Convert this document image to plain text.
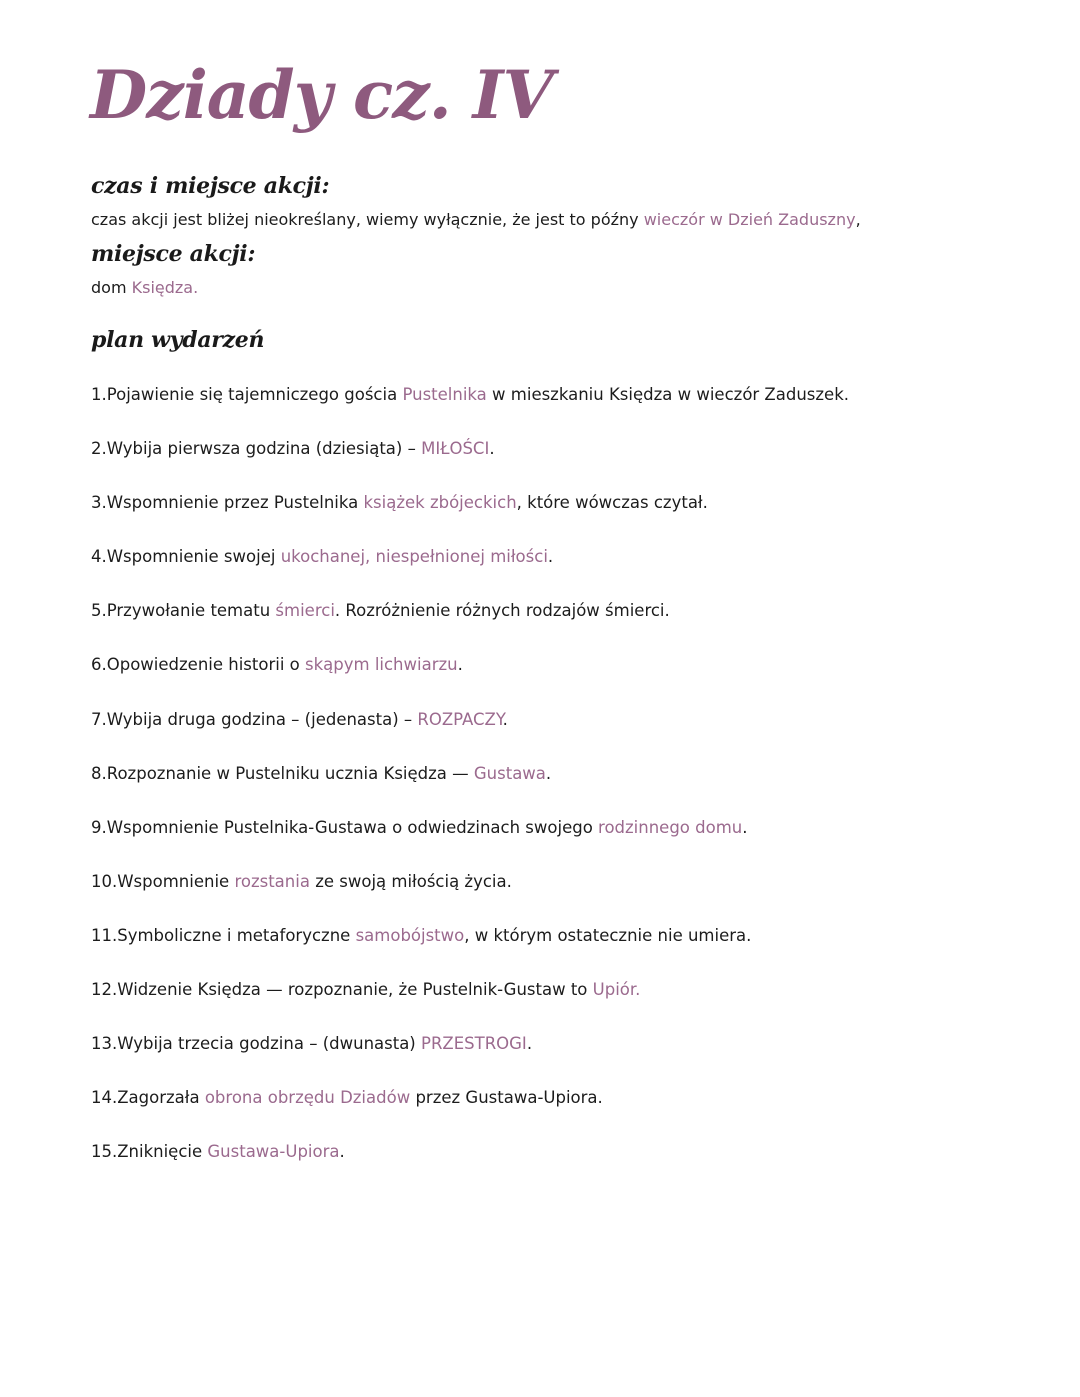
Dziady cz. IV
czas i miejsce akcji:

czas akcji jest bliżej nieokreślany, wiemy wyłącznie, że jest to późny wieczór w Dzień Zaduszny,

miejsce akcji:

dom Księdza.

plan wydarzeń
1.Pojawienie się tajemniczego gościa Pustelnika w mieszkaniu Księdza w wieczór Zaduszek.
2.Wybija pierwsza godzina (dziesiąta) – MIŁOŚCI.
3.Wspomnienie przez Pustelnika książek zbójeckich, które wówczas czytał.
4.Wspomnienie swojej ukochanej, niespełnionej miłości.
5.Przywołanie tematu śmierci. Rozróżnienie różnych rodzajów śmierci.
6.Opowiedzenie historii o skąpym lichwiarzu.
7.Wybija druga godzina – (jedenasta) – ROZPACZY.
8.Rozpoznanie w Pustelniku ucznia Księdza — Gustawa.
9.Wspomnienie Pustelnika-Gustawa o odwiedzinach swojego rodzinnego domu.
10.Wspomnienie rozstania ze swoją miłością życia.
11.Symboliczne i metaforyczne samobójstwo, w którym ostatecznie nie umiera.
12.Widzenie Księdza — rozpoznanie, że Pustelnik-Gustaw to Upiór.
13.Wybija trzecia godzina – (dwunasta) PRZESTROGI.
14.Zagorzała obrona obrzędu Dziadów przez Gustawa-Upiora.
15.Zniknięcie Gustawa-Upiora.
